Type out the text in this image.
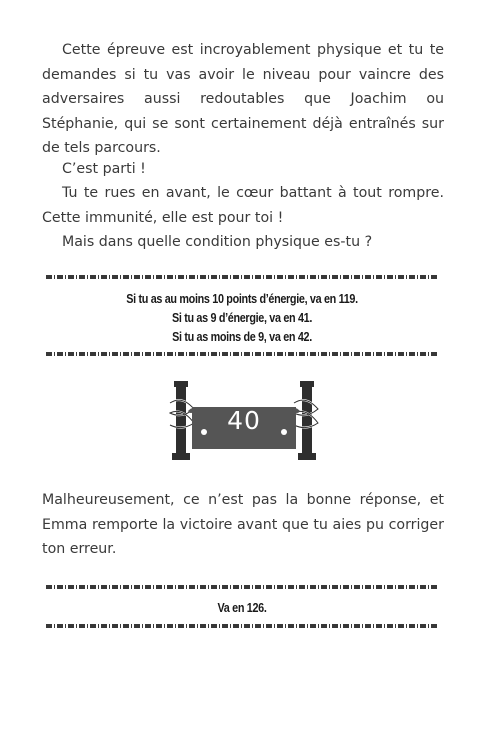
Cette épreuve est incroyablement physique et tu te demandes si tu vas avoir le niveau pour vaincre des adversaires aussi redoutables que Joachim ou Stéphanie, qui se sont certainement déjà entraînés sur de tels parcours.

C’est parti !

Tu te rues en avant, le cœur battant à tout rompre. Cette immunité, elle est pour toi !

Mais dans quelle condition physique es-tu ?

Si tu as au moins 10 points d’énergie, va en 119.
Si tu as 9 d’énergie, va en 41.
Si tu as moins de 9, va en 42.
40

Malheureusement, ce n’est pas la bonne réponse, et Emma remporte la victoire avant que tu aies pu corriger ton erreur.

Va en 126.
